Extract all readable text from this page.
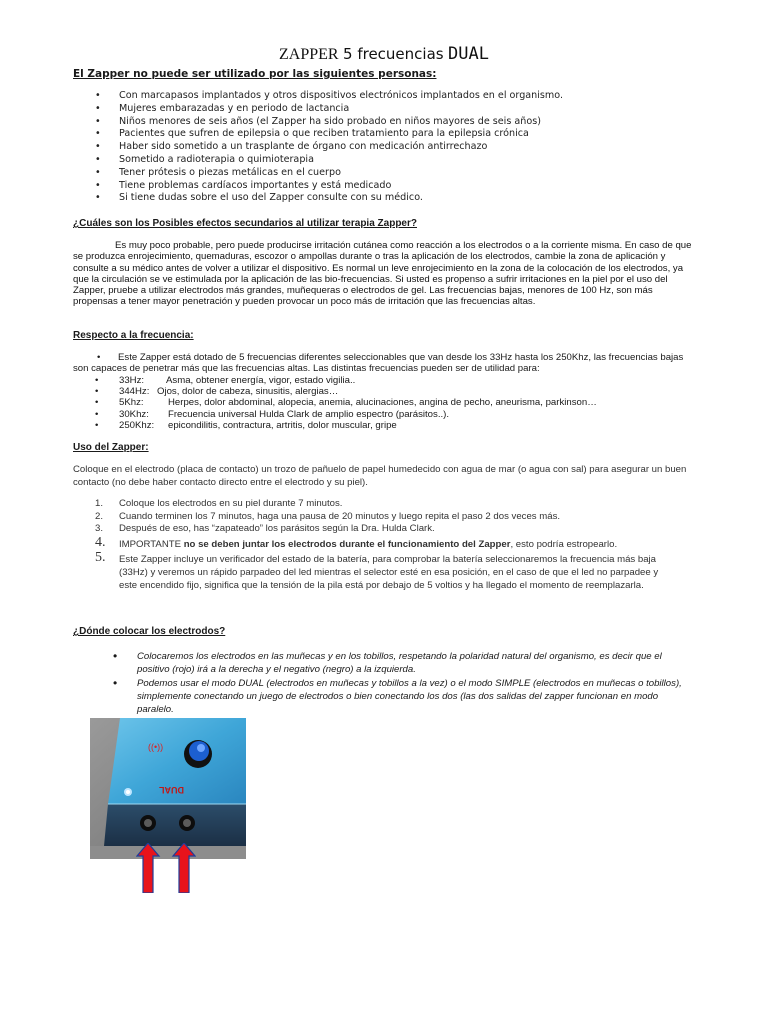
ZAPPER 5 frecuencias DUAL
El Zapper no puede ser utilizado por las siguientes personas:
• Con marcapasos implantados y otros dispositivos electrónicos implantados en el organismo.
• Mujeres embarazadas y en periodo de lactancia
• Niños menores de seis años (el Zapper ha sido probado en niños mayores de seis años)
• Pacientes que sufren de epilepsia o que reciben tratamiento para la epilepsia crónica
• Haber sido sometido a un trasplante de órgano con medicación antirrechazo
• Sometido a radioterapia o quimioterapia
• Tener prótesis o piezas metálicas en el cuerpo
• Tiene problemas cardíacos importantes y está medicado
• Si tiene dudas sobre el uso del Zapper consulte con su médico.
¿Cuáles son los Posibles efectos secundarios al utilizar terapia Zapper?

Es muy poco probable, pero puede producirse irritación cutánea como reacción a los electrodos o a la corriente misma. En caso de que se produzca enrojecimiento, quemaduras, escozor o ampollas durante o tras la aplicación de los electrodos, cambie la zona de aplicación y consulte a su médico antes de volver a utilizar el dispositivo. Es normal un leve enrojecimiento en la zona de la colocación de los electrodos, ya que la circulación se ve estimulada por la aplicación de las bio-frecuencias. Si usted es propenso a sufrir irritaciones en la piel por el uso del Zapper, pruebe a utilizar electrodos más grandes, muñequeras o electrodos de gel. Las frecuencias bajas, menores de 100 Hz, son más propensas a tener mayor penetración y pueden provocar un poco más de irritación que las frecuencias altas.

Respecto a la frecuencia:

• Este Zapper está dotado de 5 frecuencias diferentes seleccionables que van desde los 33Hz hasta los 250Khz, las frecuencias bajas son capaces de penetrar más que las frecuencias altas. Las distintas frecuencias pueden ser de utilidad para:

• 33Hz: Asma, obtener energía, vigor, estado vigilia..
• 344Hz: Ojos, dolor de cabeza, sinusitis, alergias…
• 5Khz:	Herpes, dolor abdominal, alopecia, anemia, alucinaciones, angina de pecho, aneurisma, parkinson…
• 30Khz: Frecuencia universal Hulda Clark de amplio espectro (parásitos..).
• 250Khz: epicondilitis, contractura, artritis, dolor muscular, gripe
Uso del Zapper:

Coloque en el electrodo (placa de contacto) un trozo de pañuelo de papel humedecido con agua de mar (o agua con sal) para asegurar un buen contacto (no debe haber contacto directo entre el electrodo y su piel).

1. Coloque los electrodos en su piel durante 7 minutos.
2. Cuando terminen los 7 minutos, haga una pausa de 20 minutos y luego repita el paso 2 dos veces más.
3. Después de eso, has “zapateado” los parásitos según la Dra. Hulda Clark.
4. IMPORTANTE no se deben juntar los electrodos durante el funcionamiento del Zapper, esto podría estropearlo.
5. Este Zapper incluye un verificador del estado de la batería, para comprobar la batería seleccionaremos la frecuencia más baja (33Hz) y veremos un rápido parpadeo del led mientras el selector esté en esa posición, en el caso de que el led no parpadee y este encendido fijo, significa que la tensión de la pila está por debajo de 5 voltios y ha llegado el momento de reemplazarla.
¿Dónde colocar los electrodos?
• Colocaremos los electrodos en las muñecas y en los tobillos, respetando la polaridad natural del organismo, es decir que el positivo (rojo) irá a la derecha y el negativo (negro) a la izquierda.
• Podemos usar el modo DUAL (electrodos en muñecas y tobillos a la vez) o el modo SIMPLE (electrodos en muñecas o tobillos), simplemente conectando un juego de electrodos o bien conectando los dos (las dos salidas del zapper funcionan en modo paralelo.
((•))
DUAL
